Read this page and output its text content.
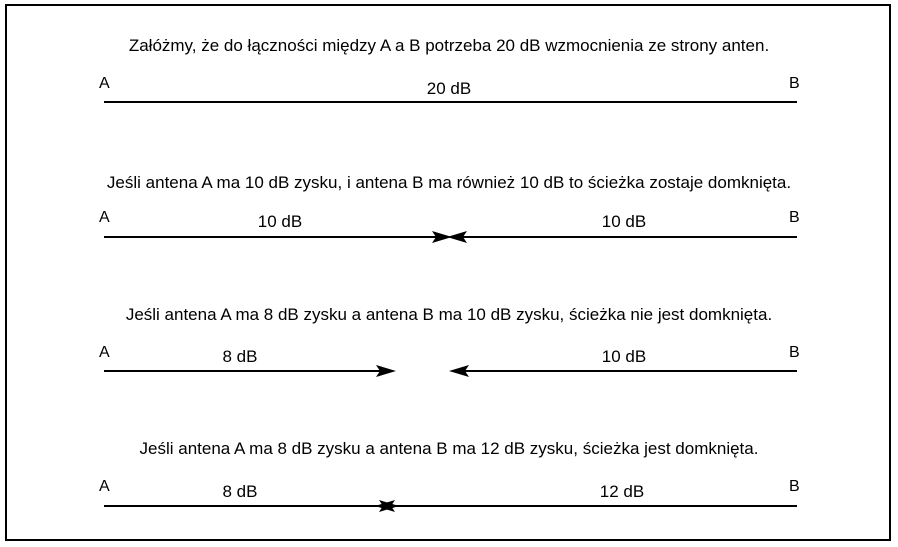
Załóżmy, że do łączności między A a B potrzeba 20 dB wzmocnienia ze strony anten.
A	B
20 dB
Jeśli antena A ma 10 dB zysku, i antena B ma również 10 dB to ścieżka zostaje domknięta.
A	B
10 dB	10 dB
Jeśli antena A ma 8 dB zysku a antena B ma 10 dB zysku, ścieżka nie jest domknięta.
A	B
8 dB	10 dB
Jeśli antena A ma 8 dB zysku a antena B ma 12 dB zysku, ścieżka jest domknięta.
A	B
8 dB	12 dB
